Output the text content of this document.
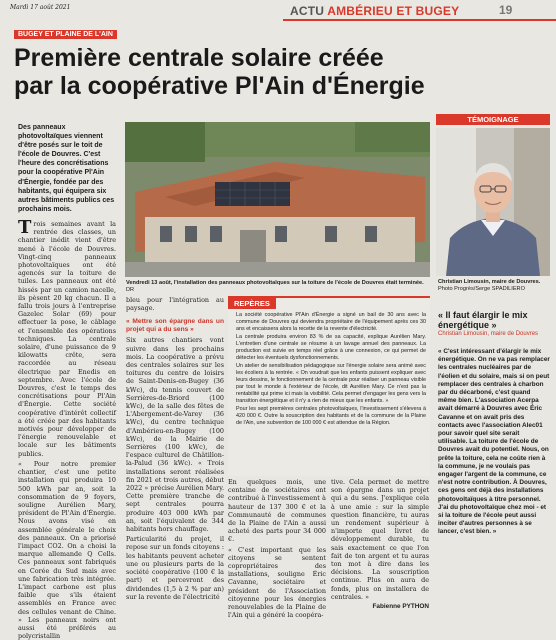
Mardi 17 août 2021	ACTU AMBÉRIEU ET BUGEY	19
BUGEY ET PLAINE DE L'AIN
Première centrale solaire créée
par la coopérative Pl'Ain d'Énergie
Des panneaux photovoltaïques viennent d'être posés sur le toit de l'école de Douvres. C'est l'heure des concrétisations pour la coopérative Pl'Ain d'Énergie, fondée par des habitants, qui équipera six autres bâtiments publics ces prochains mois.

Trois semaines avant la rentrée des classes, un chantier inédit vient d'être mené à l'école de Douvres. Vingt-cinq panneaux photovoltaïques ont été agencés sur la toiture de tuiles. Les panneaux ont été hissés par un camion nacelle, ils pèsent 20 kg chacun. Il a fallu trois jours à l'entreprise Gazelec Solar (69) pour effectuer la pose, le câblage et l'ensemble des opérations techniques. La centrale solaire, d'une puissance de 9 kilowatts crête, sera raccordée au réseau électrique par Enedis en septembre. Avec l'école de Douvres, c'est le temps des concrétisations pour Pl'Ain d'Énergie. Cette société coopérative d'intérêt collectif a été créée par des habitants motivés pour développer de l'énergie renouvelable et locale sur les bâtiments publics.

« Pour notre premier chantier, c'est une petite installation qui produira 10 500 kWh par an, soit la consommation de 9 foyers, souligne Aurélien Mary, président de Pl'Ain d'Énergie. Nous avons visé en assemblée générale le choix des panneaux. On a priorisé l'impact CO2. On a choisi la marque allemande Q Cells. Ces panneaux sont fabriqués en Corée du Sud mais avec une fabrication très intégrée. L'impact carbone est plus faible que s'ils étaient assemblés en France avec des cellules venant de Chine. » Les panneaux noirs ont aussi été préférés au polycristallin

Vendredi 13 août, l'installation des panneaux photovoltaïques sur la toiture de l'école de Douvres était terminée. DR

bleu pour l'intégration au paysage.

« Mettre son épargne dans un projet qui a du sens »

Six autres chantiers vont suivre dans les prochains mois. La coopérative a prévu des centrales solaires sur les toitures du centre de loisirs de Saint-Denis-en-Bugey (36 kWc), du tennis couvert de Serrières-de-Briord (100 kWc), de la salle des fêtes de L'Abergement-de-Varey (36 kWc), du centre technique d'Ambérieu-en-Bugey (100 kWc), de la Mairie de Serrières (100 kWc), de l'espace culturel de Châtillon-la-Palud (36 kWc). « Trois installations seront réalisées fin 2021 et trois autres, début 2022 » précise Aurélien Mary. Cette première tranche de sept centrales pourra produire 403 000 kWh par an, soit l'équivalent de 344 habitants hors chauffage.

Particularité du projet, il repose sur un fonds citoyens : les habitants peuvent acheter une ou plusieurs parts de la société coopérative (100 € la part) et percevront des dividendes (1,5 à 2 % par an) sur la revente de l'électricité

REPÈRES

La société coopérative Pl'Ain d'Énergie a signé un bail de 30 ans avec la commune de Douvres qui deviendra propriétaire de l'équipement après ces 30 ans et encaissera alors la recette de la revente d'électricité.

La centrale produira environ 83 % de sa capacité, explique Aurélien Mary. L'entretien d'une centrale se résume à un lavage annuel des panneaux. La production est suivie en temps réel grâce à une connexion, ce qui permet de détecter les éventuels dysfonctionnements.

Un atelier de sensibilisation pédagogique sur l'énergie solaire sera animé avec les écoliers à la rentrée. « On voudrait que les enfants puissent expliquer avec leurs dessins, le fonctionnement de la centrale pour réaliser un panneau visible par tout le monde à l'extérieur de l'école, dit Aurélien Mary. Ce n'est pas la rentabilité qui prime ici mais la visibilité. Cela permet d'engager les gens vers la transition énergétique et il n'y a rien de mieux que les enfants. »

Pour les sept premières centrales photovoltaïques, l'investissement s'élevera à 420 000 €. Outre la souscription des habitants et de la commune de la Plaine de l'Ain, une subvention de 100 000 € est attendue de la Région.

En quelques mois, une centaine de sociétaires ont contribué à l'investissement à hauteur de 137 300 € et la Communauté de communes de la Plaine de l'Ain a aussi acheté des parts pour 34 000 €.

« C'est important que les citoyens se sentent copropriétaires des installations, souligne Éric Cavanne, sociétaire et président de l'Association citoyenne pour les énergies renouvelables de la Plaine de l'Ain qui a généré la coopéra-

tive. Cela permet de mettre son épargne dans un projet qui a du sens. J'explique cela à une amie : sur la simple question financière, tu auras un rendement supérieur à n'importe quel livret de développement durable, tu sais exactement ce que l'on fait de ton argent et tu auras ton mot à dire dans les décisions. La souscription continue. Plus on aura de fonds, plus on installera de centrales. »

Fabienne PYTHON

TÉMOIGNAGE
Christian Limousin, maire de Douvres. Photo Progrès/Serge SPADILIERO
« Il faut élargir le mix énergétique »
Christian Limousin, maire de Douvres
« C'est intéressant d'élargir le mix énergétique. On ne va pas remplacer les centrales nucléaires par de l'éolien et du solaire, mais si on peut remplacer des centrales à charbon par du décarboné, c'est quand même bien. L'association Acerpa avait démarré à Douvres avec Éric Cavanne et on avait pris des contacts avec l'association Alec01 pour savoir quel site serait utilisable. La toiture de l'école de Douvres avait du potentiel. Nous, on prête la toiture, cela ne coûte rien à la commune, je ne voulais pas engager l'argent de la commune, ce n'est notre contribution. À Douvres, ces gens ont déjà des installations photovoltaïques à titre personnel. J'ai du photovoltaïque chez moi - et si la toiture de l'école peut aussi inciter d'autres personnes à se lancer, c'est bien. »
